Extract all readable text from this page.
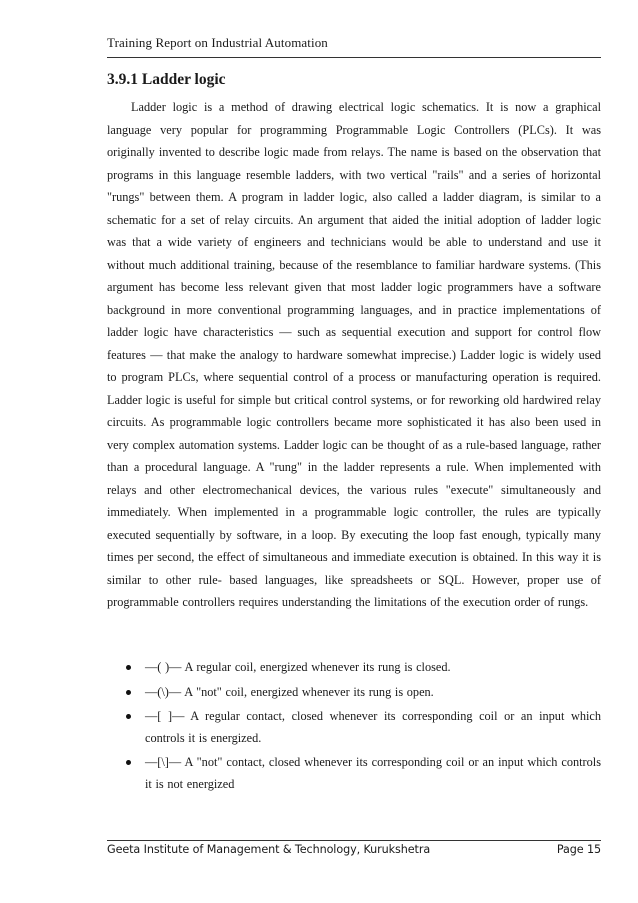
Training Report on Industrial Automation
3.9.1 Ladder logic

Ladder logic is a method of drawing electrical logic schematics. It is now a graphical language very popular for programming Programmable Logic Controllers (PLCs). It was originally invented to describe logic made from relays. The name is based on the observation that programs in this language resemble ladders, with two vertical "rails" and a series of horizontal "rungs" between them. A program in ladder logic, also called a ladder diagram, is similar to a schematic for a set of relay circuits. An argument that aided the initial adoption of ladder logic was that a wide variety of engineers and technicians would be able to understand and use it without much additional training, because of the resemblance to familiar hardware systems. (This argument has become less relevant given that most ladder logic programmers have a software background in more conventional programming languages, and in practice implementations of ladder logic have characteristics — such as sequential execution and support for control flow features — that make the analogy to hardware somewhat imprecise.) Ladder logic is widely used to program PLCs, where sequential control of a process or manufacturing operation is required. Ladder logic is useful for simple but critical control systems, or for reworking old hardwired relay circuits. As programmable logic controllers became more sophisticated it has also been used in very complex automation systems. Ladder logic can be thought of as a rule-based language, rather than a procedural language. A "rung" in the ladder represents a rule. When implemented with relays and other electromechanical devices, the various rules "execute" simultaneously and immediately. When implemented in a programmable logic controller, the rules are typically executed sequentially by software, in a loop. By executing the loop fast enough, typically many times per second, the effect of simultaneous and immediate execution is obtained. In this way it is similar to other rule- based languages, like spreadsheets or SQL. However, proper use of programmable controllers requires understanding the limitations of the execution order of rungs.

—( )— A regular coil, energized whenever its rung is closed.
—(\)— A "not" coil, energized whenever its rung is open.
—[ ]— A regular contact, closed whenever its corresponding coil or an input which controls it is energized.
—[\]— A "not" contact, closed whenever its corresponding coil or an input which controls it is not energized
Geeta Institute of Management & Technology, Kurukshetra	Page 15
